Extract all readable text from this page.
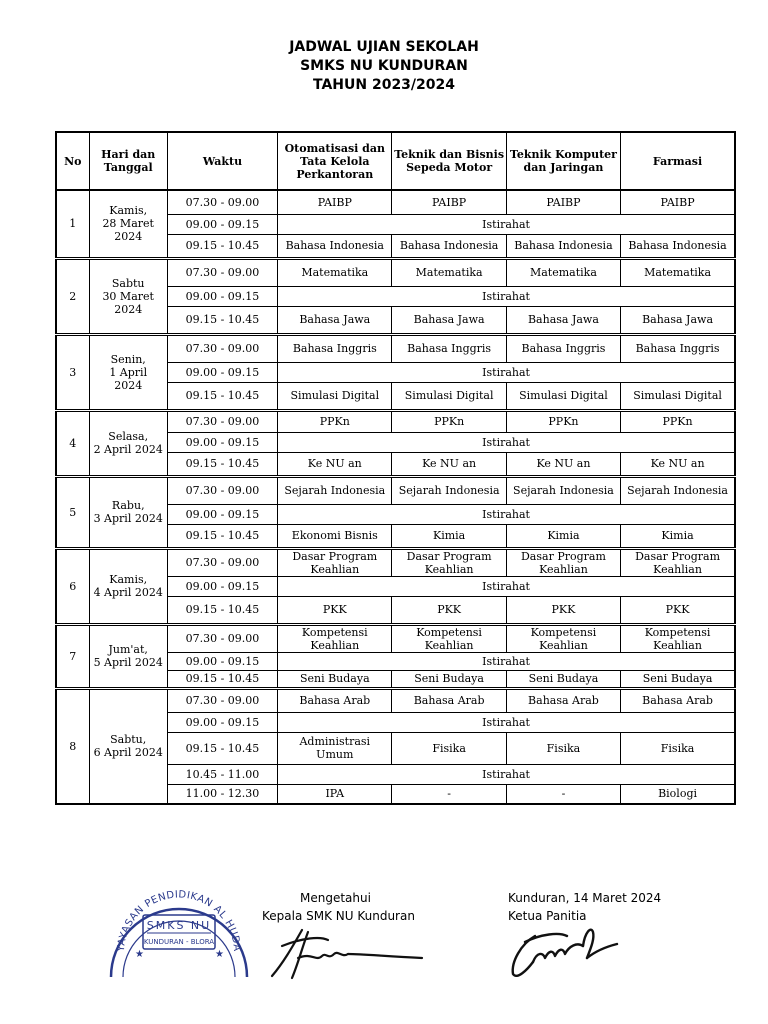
JADWAL UJIAN SEKOLAH
SMKS NU KUNDURAN
TAHUN 2023/2024
No	Hari dan Tanggal	Waktu	Otomatisasi dan Tata Kelola Perkantoran	Teknik dan Bisnis Sepeda Motor	Teknik Komputer dan Jaringan	Farmasi
1	Kamis,
28 Maret
2024	07.30 - 09.00	PAIBP	PAIBP	PAIBP	PAIBP
		09.00 - 09.15	Istirahat			
		09.15 - 10.45	Bahasa Indonesia	Bahasa Indonesia	Bahasa Indonesia	Bahasa Indonesia
2	Sabtu
30 Maret
2024	07.30 - 09.00	Matematika	Matematika	Matematika	Matematika
		09.00 - 09.15	Istirahat			
		09.15 - 10.45	Bahasa Jawa	Bahasa Jawa	Bahasa Jawa	Bahasa Jawa
3	Senin,
1 April
2024	07.30 - 09.00	Bahasa Inggris	Bahasa Inggris	Bahasa Inggris	Bahasa Inggris
		09.00 - 09.15	Istirahat			
		09.15 - 10.45	Simulasi Digital	Simulasi Digital	Simulasi Digital	Simulasi Digital
4	Selasa,
2 April 2024	07.30 - 09.00	PPKn	PPKn	PPKn	PPKn
		09.00 - 09.15	Istirahat			
		09.15 - 10.45	Ke NU an	Ke NU an	Ke NU an	Ke NU an
5	Rabu,
3 April 2024	07.30 - 09.00	Sejarah Indonesia	Sejarah Indonesia	Sejarah Indonesia	Sejarah Indonesia
		09.00 - 09.15	Istirahat			
		09.15 - 10.45	Ekonomi Bisnis	Kimia	Kimia	Kimia
6	Kamis,
4 April 2024	07.30 - 09.00	Dasar Program
Keahlian	Dasar Program
Keahlian	Dasar Program
Keahlian	Dasar Program
Keahlian
		09.00 - 09.15	Istirahat			
		09.15 - 10.45	PKK	PKK	PKK	PKK
7	Jum'at,
5 April 2024	07.30 - 09.00	Kompetensi
Keahlian	Kompetensi
Keahlian	Kompetensi
Keahlian	Kompetensi
Keahlian
		09.00 - 09.15	Istirahat			
		09.15 - 10.45	Seni Budaya	Seni Budaya	Seni Budaya	Seni Budaya
8	Sabtu,
6 April 2024	07.30 - 09.00	Bahasa Arab	Bahasa Arab	Bahasa Arab	Bahasa Arab
		09.00 - 09.15	Istirahat			
		09.15 - 10.45	Administrasi
Umum	Fisika	Fisika	Fisika
		10.45 - 11.00	Istirahat			
		11.00 - 12.30	IPA	-	-	Biologi
Mengetahui
Kepala SMK NU Kunduran
Kunduran, 14 Maret 2024
Ketua Panitia
YAYASAN PENDIDIKAN AL HUDA
SMKS NU
KUNDURAN - BLORA
★	★
